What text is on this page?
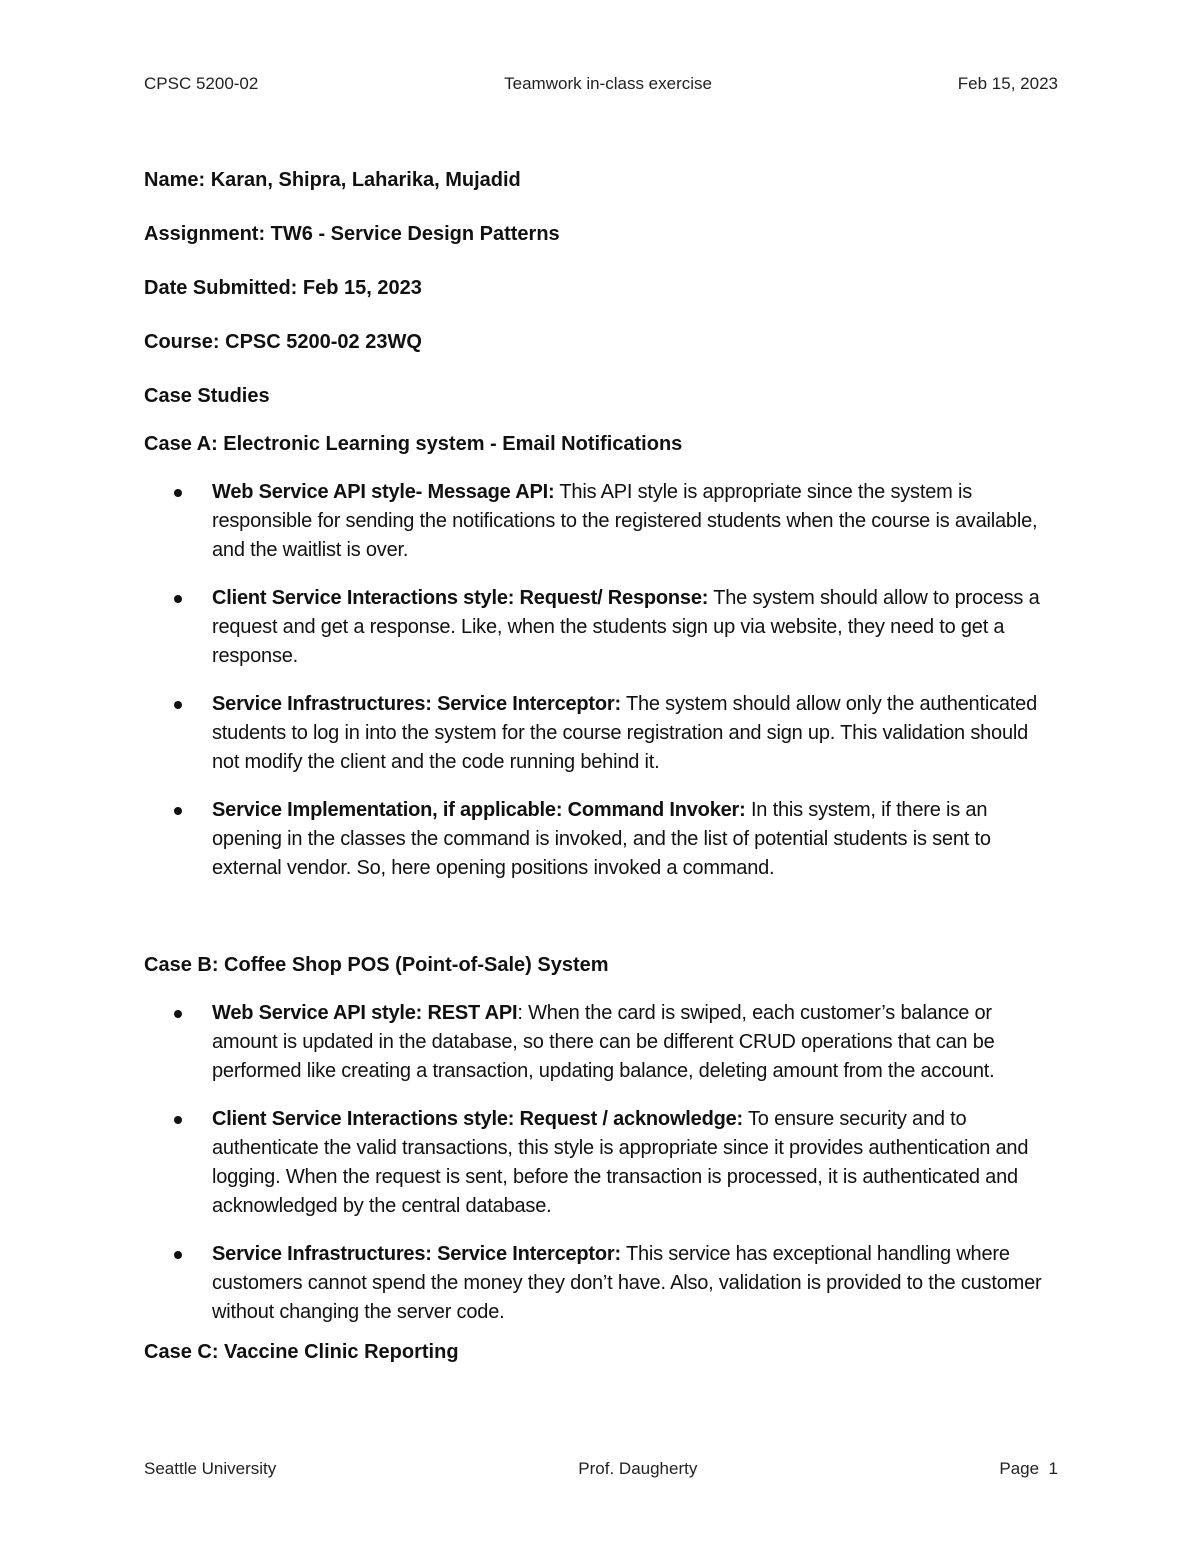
CPSC 5200-02	Teamwork in-class exercise	Feb 15, 2023

Name: Karan, Shipra, Laharika, Mujadid

Assignment: TW6 - Service Design Patterns

Date Submitted: Feb 15, 2023

Course: CPSC 5200-02 23WQ

Case Studies

Case A: Electronic Learning system - Email Notifications

Web Service API style- Message API: This API style is appropriate since the system is responsible for sending the notifications to the registered students when the course is available, and the waitlist is over.
Client Service Interactions style: Request/ Response: The system should allow to process a request and get a response. Like, when the students sign up via website, they need to get a response.
Service Infrastructures: Service Interceptor: The system should allow only the authenticated students to log in into the system for the course registration and sign up. This validation should not modify the client and the code running behind it.
Service Implementation, if applicable: Command Invoker: In this system, if there is an opening in the classes the command is invoked, and the list of potential students is sent to external vendor. So, here opening positions invoked a command.

Case B: Coffee Shop POS (Point-of-Sale) System

Web Service API style: REST API: When the card is swiped, each customer’s balance or amount is updated in the database, so there can be different CRUD operations that can be performed like creating a transaction, updating balance, deleting amount from the account.
Client Service Interactions style: Request / acknowledge: To ensure security and to authenticate the valid transactions, this style is appropriate since it provides authentication and logging. When the request is sent, before the transaction is processed, it is authenticated and acknowledged by the central database.
Service Infrastructures: Service Interceptor: This service has exceptional handling where customers cannot spend the money they don’t have. Also, validation is provided to the customer without changing the server code.

Case C: Vaccine Clinic Reporting

Seattle University	Prof. Daugherty	Page  1
